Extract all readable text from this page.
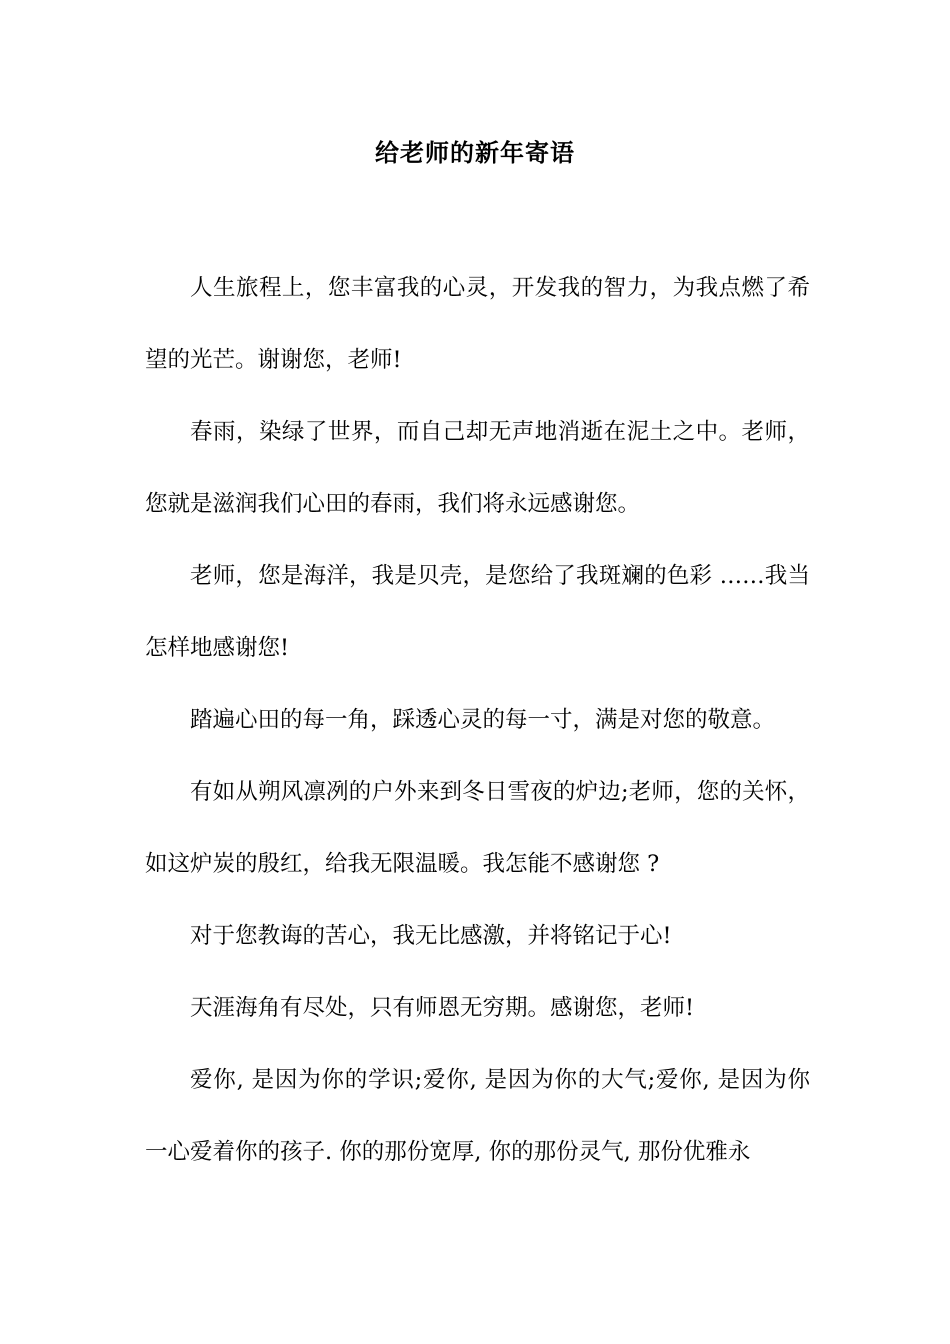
给老师的新年寄语

人生旅程上，您丰富我的心灵，开发我的智力，为我点燃了希望的光芒。谢谢您，老师!

春雨，染绿了世界，而自己却无声地消逝在泥土之中。老师，您就是滋润我们心田的春雨，我们将永远感谢您。

老师，您是海洋，我是贝壳，是您给了我斑斓的色彩 ……我当怎样地感谢您!

踏遍心田的每一角，踩透心灵的每一寸，满是对您的敬意。

有如从朔风凛冽的户外来到冬日雪夜的炉边;老师，您的关怀，如这炉炭的殷红，给我无限温暖。我怎能不感谢您 ?

对于您教诲的苦心，我无比感激，并将铭记于心!

天涯海角有尽处，只有师恩无穷期。感谢您，老师!

爱你, 是因为你的学识;爱你, 是因为你的大气;爱你, 是因为你一心爱着你的孩子. 你的那份宽厚, 你的那份灵气, 那份优雅永
